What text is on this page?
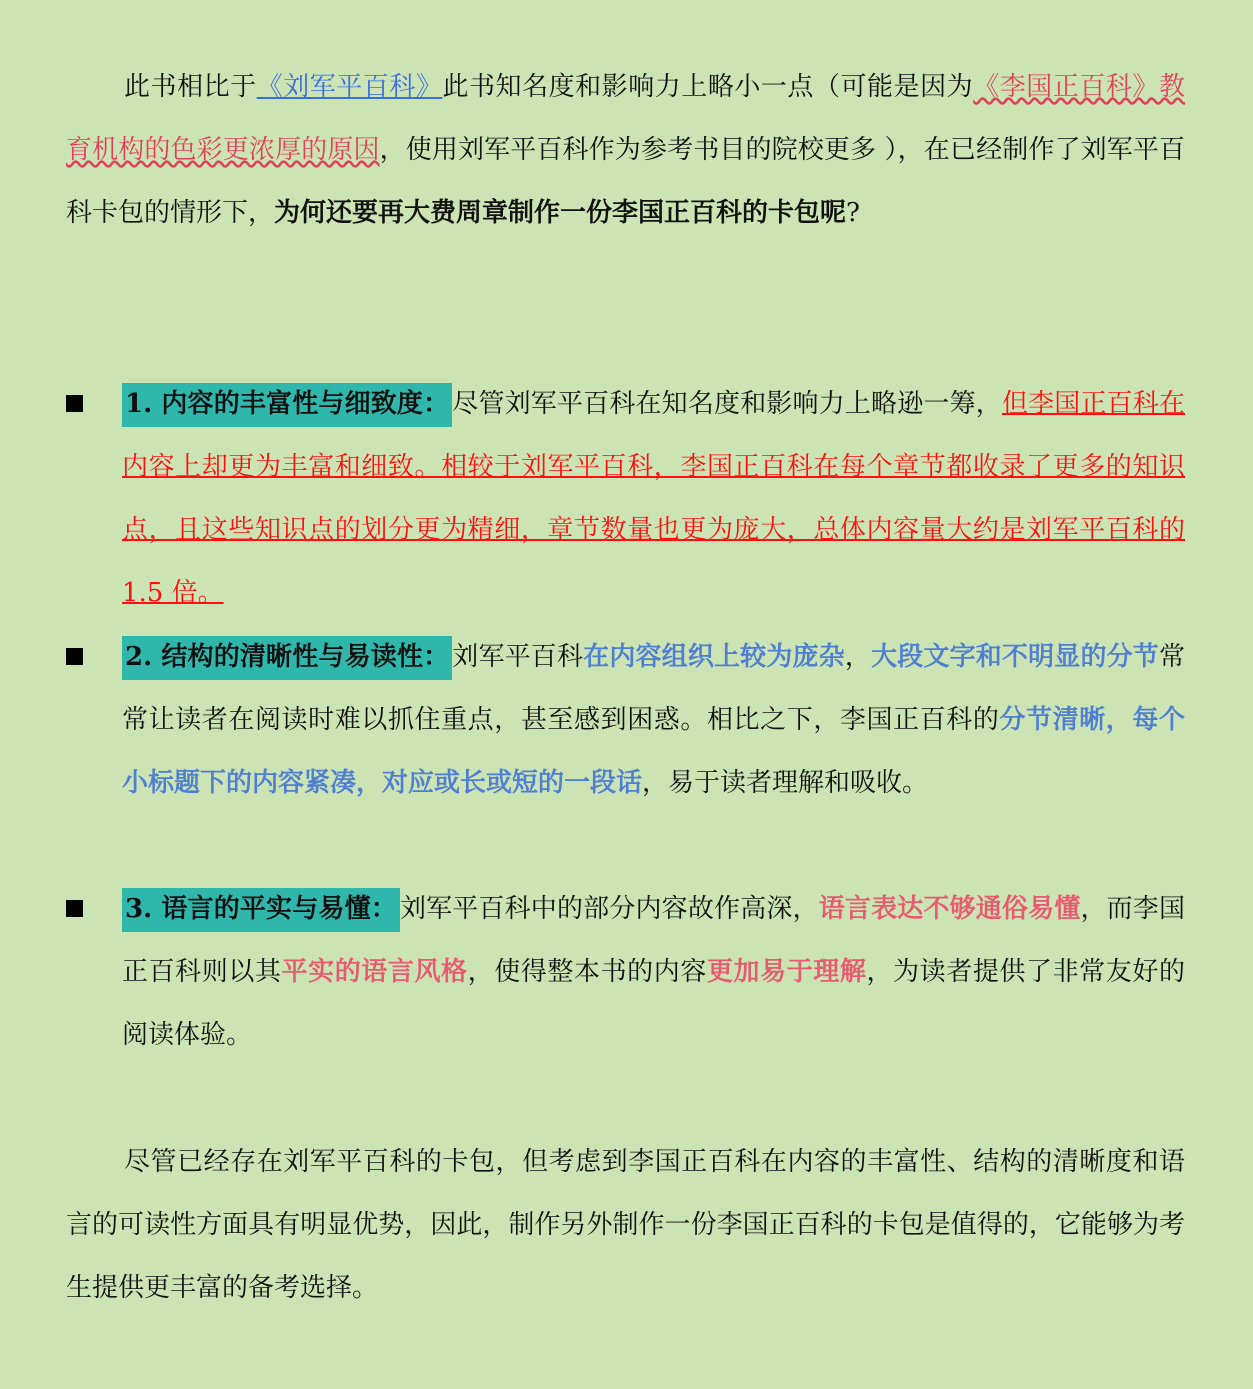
此书相比于《刘军平百科》此书知名度和影响力上略小一点（可能是因为《李国正百科》教育机构的色彩更浓厚的原因，使用刘军平百科作为参考书目的院校更多 ），在已经制作了刘军平百科卡包的情形下，为何还要再大费周章制作一份李国正百科的卡包呢?

1. 内容的丰富性与细致度： 尽管刘军平百科在知名度和影响力上略逊一筹，但李国正百科在内容上却更为丰富和细致。相较于刘军平百科，李国正百科在每个章节都收录了更多的知识点，且这些知识点的划分更为精细，章节数量也更为庞大，总体内容量大约是刘军平百科的 1.5 倍。
2. 结构的清晰性与易读性： 刘军平百科在内容组织上较为庞杂，大段文字和不明显的分节常常让读者在阅读时难以抓住重点，甚至感到困惑。相比之下，李国正百科的分节清晰，每个小标题下的内容紧凑，对应或长或短的一段话，易于读者理解和吸收。
3. 语言的平实与易懂： 刘军平百科中的部分内容故作高深，语言表达不够通俗易懂，而李国正百科则以其平实的语言风格，使得整本书的内容更加易于理解，为读者提供了非常友好的阅读体验。

尽管已经存在刘军平百科的卡包，但考虑到李国正百科在内容的丰富性、结构的清晰度和语言的可读性方面具有明显优势，因此，制作另外制作一份李国正百科的卡包是值得的，它能够为考生提供更丰富的备考选择。
